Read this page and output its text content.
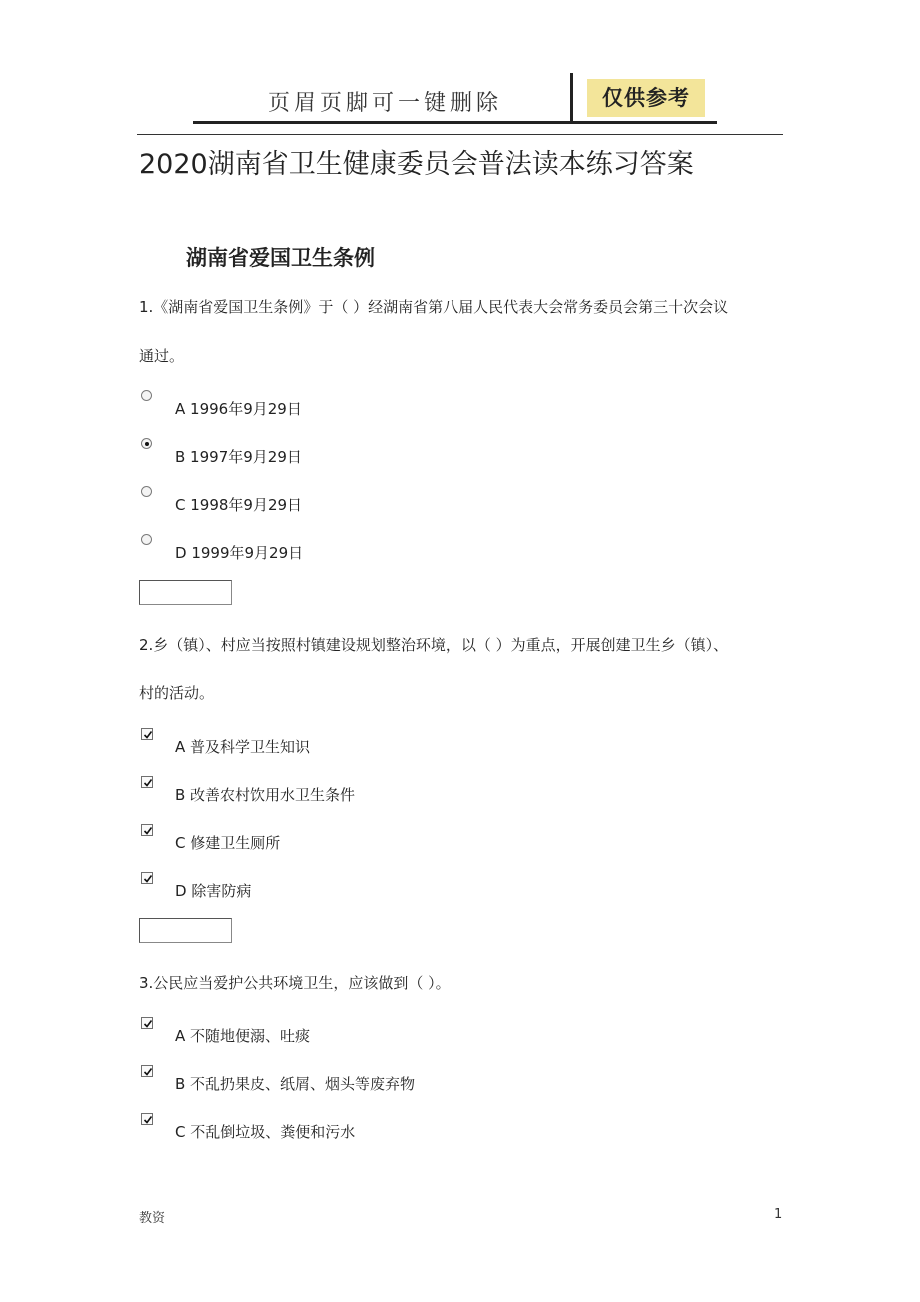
页眉页脚可一键删除	仅供参考
2020湖南省卫生健康委员会普法读本练习答案
湖南省爱国卫生条例
1.《湖南省爱国卫生条例》于（ ）经湖南省第八届人民代表大会常务委员会第三十次会议
通过。
A 1996年9月29日
B 1997年9月29日
C 1998年9月29日
D 1999年9月29日
2.乡（镇）、村应当按照村镇建设规划整治环境，以（ ）为重点，开展创建卫生乡（镇）、
村的活动。
A 普及科学卫生知识
B 改善农村饮用水卫生条件
C 修建卫生厕所
D 除害防病
3.公民应当爱护公共环境卫生，应该做到（ ）。
A 不随地便溺、吐痰
B 不乱扔果皮、纸屑、烟头等废弃物
C 不乱倒垃圾、粪便和污水
教资	1
